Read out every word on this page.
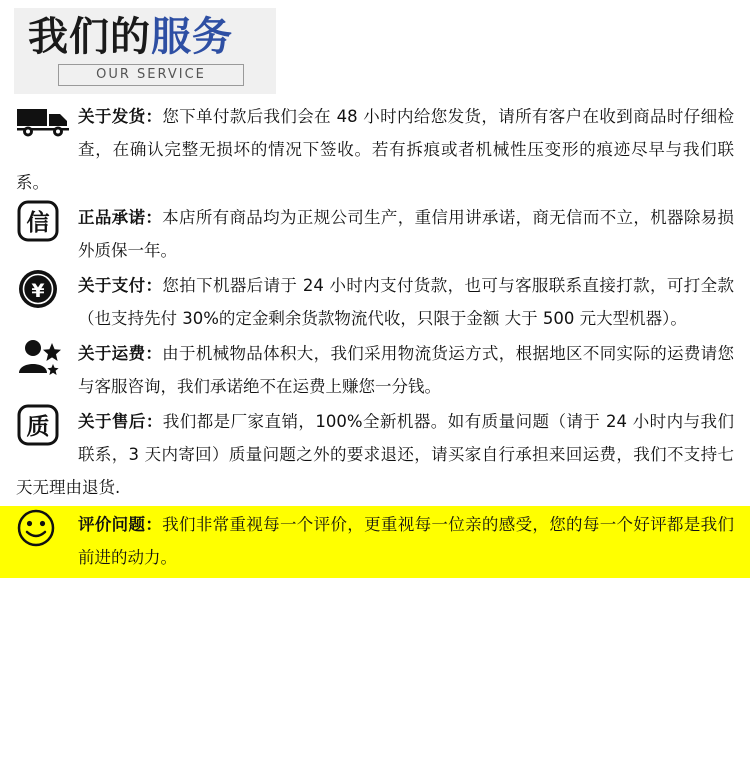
我们的服务
OUR SERVICE
关于发货：您下单付款后我们会在 48 小时内给您发货，请所有客户在收到商品时仔细检查，在确认完整无损坏的情况下签收。若有拆痕或者机械性压变形的痕迹尽早与我们联系。
信	正品承诺：本店所有商品均为正规公司生产，重信用讲承诺，商无信而不立，机器除易损外质保一年。
¥	关于支付：您拍下机器后请于 24 小时内支付货款，也可与客服联系直接打款，可打全款（也支持先付 30%的定金剩余货款物流代收，只限于金额 大于 500 元大型机器）。
关于运费：由于机械物品体积大，我们采用物流货运方式，根据地区不同实际的运费请您与客服咨询，我们承诺绝不在运费上赚您一分钱。
质	关于售后：我们都是厂家直销，100%全新机器。如有质量问题（请于 24 小时内与我们联系，3 天内寄回）质量问题之外的要求退还，请买家自行承担来回运费，我们不支持七天无理由退货.
评价问题：我们非常重视每一个评价，更重视每一位亲的感受，您的每一个好评都是我们前进的动力。
